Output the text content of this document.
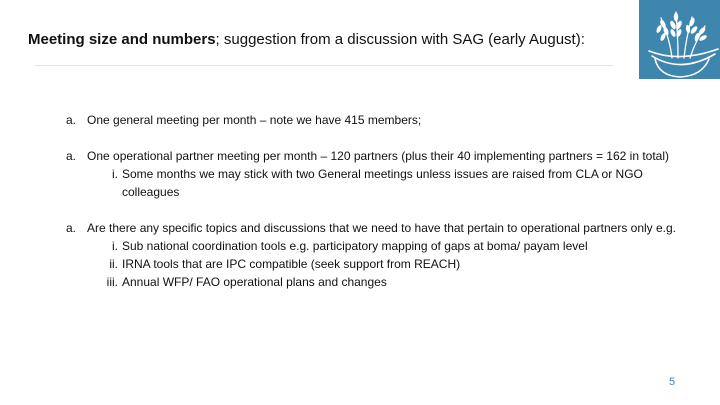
Meeting size and numbers; suggestion from a discussion with SAG (early August):
a. One general meeting per month – note we have 415 members;
a. One operational partner meeting per month – 120 partners (plus their 40 implementing partners = 162 in total)
i. Some months we may stick with two General meetings unless issues are raised from CLA or NGO colleagues
a. Are there any specific topics and discussions that we need to have that pertain to operational partners only e.g.
i. Sub national coordination tools e.g. participatory mapping of gaps at boma/ payam level
ii. IRNA tools that are IPC compatible (seek support from REACH)
iii. Annual WFP/ FAO operational plans and changes
5
